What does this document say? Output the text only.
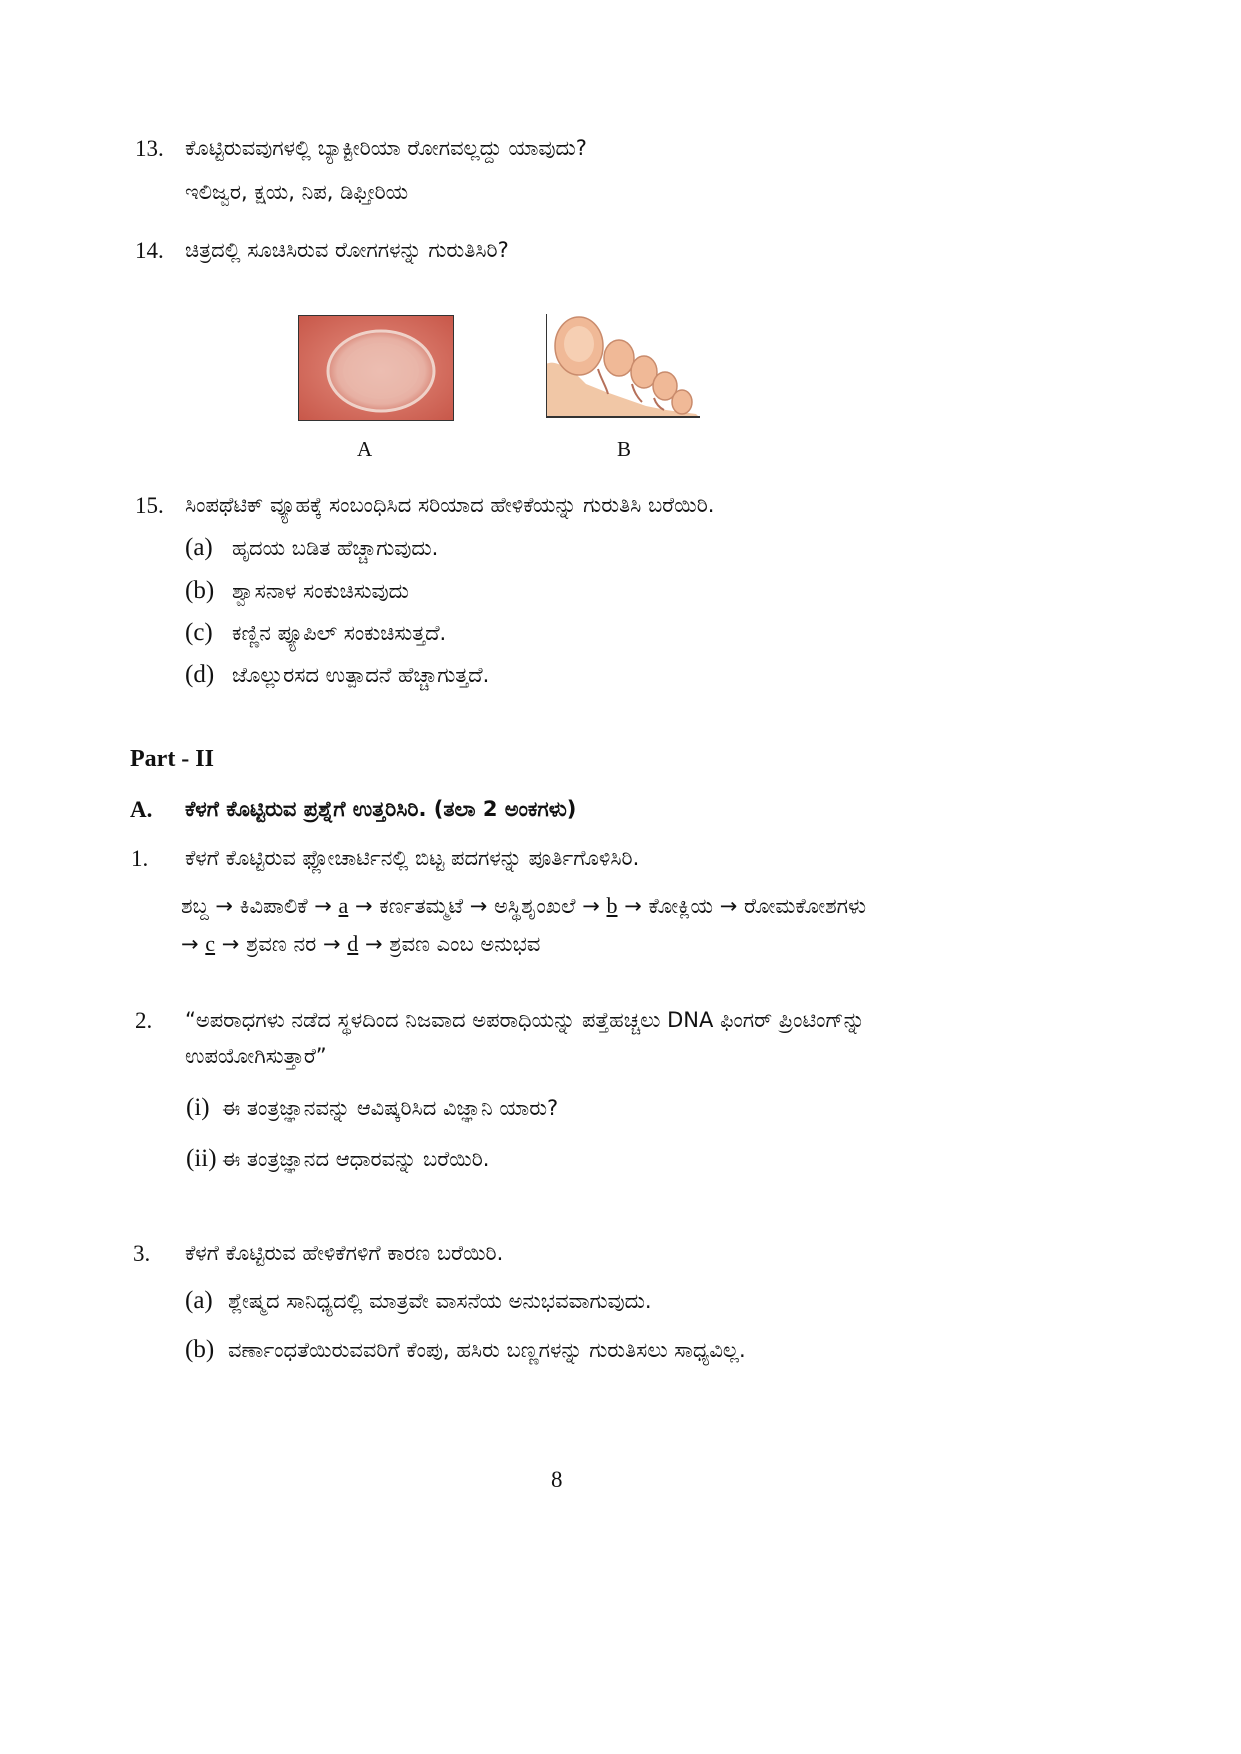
13. ಕೊಟ್ಟಿರುವವುಗಳಲ್ಲಿ ಬ್ಯಾಕ್ಟೀರಿಯಾ ರೋಗವಲ್ಲದ್ದು ಯಾವುದು?
ಇಲಿಜ್ವರ, ಕ್ಷಯ, ನಿಪ, ಡಿಫ್ತೀರಿಯ
14. ಚಿತ್ರದಲ್ಲಿ ಸೂಚಿಸಿರುವ ರೋಗಗಳನ್ನು ಗುರುತಿಸಿರಿ?
A	B
15. ಸಿಂಪಥೆಟಿಕ್ ವ್ಯೂಹಕ್ಕೆ ಸಂಬಂಧಿಸಿದ ಸರಿಯಾದ ಹೇಳಿಕೆಯನ್ನು ಗುರುತಿಸಿ ಬರೆಯಿರಿ.
(a) ಹೃದಯ ಬಡಿತ ಹೆಚ್ಚಾಗುವುದು.
(b) ಶ್ವಾಸನಾಳ ಸಂಕುಚಿಸುವುದು
(c) ಕಣ್ಣಿನ ಪ್ಯೂಪಿಲ್ ಸಂಕುಚಿಸುತ್ತದೆ.
(d) ಜೊಲ್ಲುರಸದ ಉತ್ಪಾದನೆ ಹೆಚ್ಚಾಗುತ್ತದೆ.
Part - II
A. ಕೆಳಗೆ ಕೊಟ್ಟಿರುವ ಪ್ರಶ್ನೆಗೆ ಉತ್ತರಿಸಿರಿ. (ತಲಾ 2 ಅಂಕಗಳು)
1. ಕೆಳಗೆ ಕೊಟ್ಟಿರುವ ಫ್ಲೋಚಾರ್ಟಿನಲ್ಲಿ ಬಿಟ್ಟ ಪದಗಳನ್ನು ಪೂರ್ತಿಗೊಳಿಸಿರಿ.
ಶಬ್ದ → ಕಿವಿಪಾಲಿಕೆ → a → ಕರ್ಣತಮ್ಮಟೆ → ಅಸ್ಥಿಶೃಂಖಲೆ → b → ಕೋಕ್ಲಿಯ → ರೋಮಕೋಶಗಳು
→ c → ಶ್ರವಣ ನರ → d → ಶ್ರವಣ ಎಂಬ ಅನುಭವ
2. “ಅಪರಾಧಗಳು ನಡೆದ ಸ್ಥಳದಿಂದ ನಿಜವಾದ ಅಪರಾಧಿಯನ್ನು ಪತ್ತೆಹಚ್ಚಲು DNA ಫಿಂಗರ್ ಪ್ರಿಂಟಿಂಗ್‌ನ್ನು
ಉಪಯೋಗಿಸುತ್ತಾರೆ”
(i) ಈ ತಂತ್ರಜ್ಞಾನವನ್ನು ಆವಿಷ್ಕರಿಸಿದ ವಿಜ್ಞಾನಿ ಯಾರು?
(ii) ಈ ತಂತ್ರಜ್ಞಾನದ ಆಧಾರವನ್ನು ಬರೆಯಿರಿ.
3. ಕೆಳಗೆ ಕೊಟ್ಟಿರುವ ಹೇಳಿಕೆಗಳಿಗೆ ಕಾರಣ ಬರೆಯಿರಿ.
(a) ಶ್ಲೇಷ್ಮದ ಸಾನಿಧ್ಯದಲ್ಲಿ ಮಾತ್ರವೇ ವಾಸನೆಯ ಅನುಭವವಾಗುವುದು.
(b) ವರ್ಣಾಂಧತೆಯಿರುವವರಿಗೆ ಕೆಂಪು, ಹಸಿರು ಬಣ್ಣಗಳನ್ನು ಗುರುತಿಸಲು ಸಾಧ್ಯವಿಲ್ಲ.
8
